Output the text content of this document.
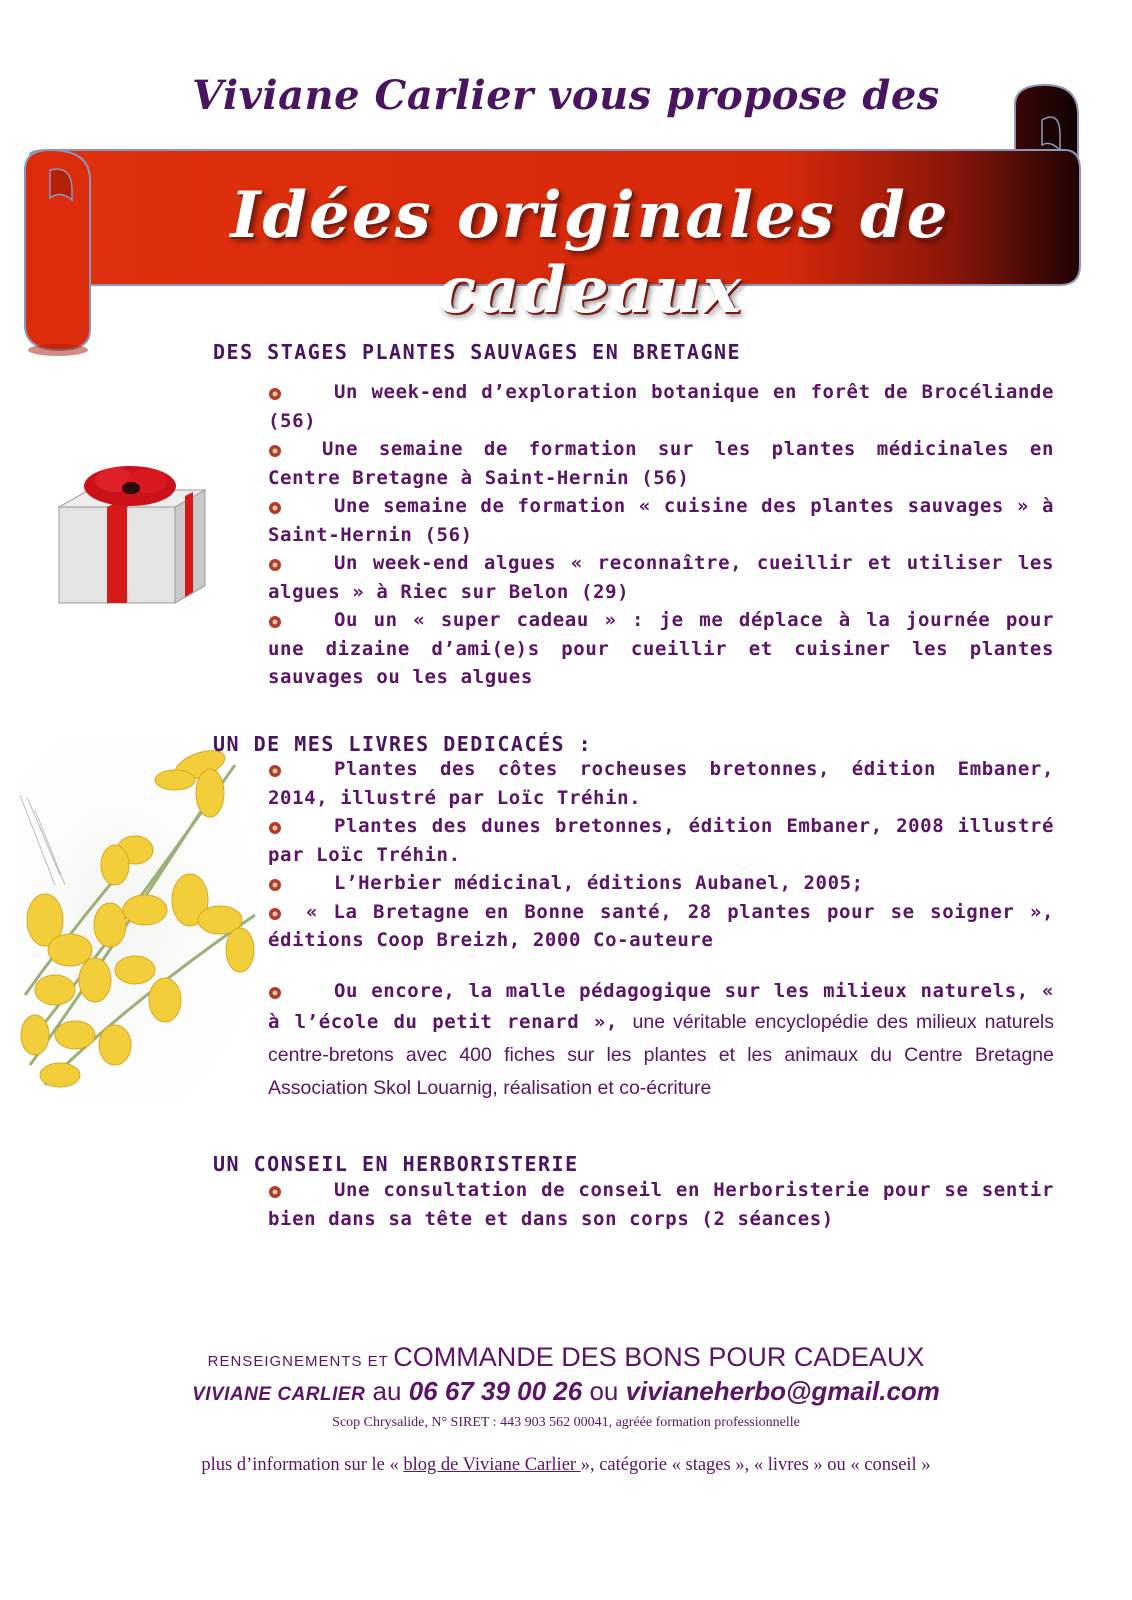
Viviane Carlier vous propose des
Idées originales de cadeaux
DES STAGES PLANTES SAUVAGES EN BRETAGNE
Un week-end d’exploration botanique en forêt de Brocéliande (56)
Une semaine de formation sur les plantes médicinales en Centre Bretagne à Saint-Hernin (56)
Une semaine de formation « cuisine des plantes sauvages » à Saint-Hernin (56)
Un week-end algues « reconnaître, cueillir et utiliser les algues » à Riec sur Belon (29)
Ou un « super cadeau » : je me déplace à la journée pour une dizaine d’ami(e)s pour cueillir et cuisiner les plantes sauvages ou les algues
UN DE MES LIVRES DEDICACÉS :
Plantes des côtes rocheuses bretonnes, édition Embaner, 2014, illustré par Loïc Tréhin.
Plantes des dunes bretonnes, édition Embaner, 2008 illustré par Loïc Tréhin.
L’Herbier médicinal, éditions Aubanel, 2005;
« La Bretagne en Bonne santé, 28 plantes pour se soigner », éditions Coop Breizh, 2000 Co-auteure
Ou encore, la malle pédagogique sur les milieux naturels, « à l’école du petit renard », une véritable encyclopédie des milieux naturels centre-bretons avec 400 fiches sur les plantes et les animaux du Centre Bretagne Association Skol Louarnig, réalisation et co-écriture
UN CONSEIL EN HERBORISTERIE
Une consultation de conseil en Herboristerie pour se sentir bien dans sa tête et dans son corps (2 séances)
RENSEIGNEMENTS ET COMMANDE DES BONS POUR CADEAUX
VIVIANE CARLIER au 06 67 39 00 26 ou vivianeherbo@gmail.com
Scop Chrysalide, N° SIRET : 443 903 562 00041, agréée formation professionnelle
plus d’information sur le « blog de Viviane Carlier », catégorie « stages », « livres » ou « conseil »
